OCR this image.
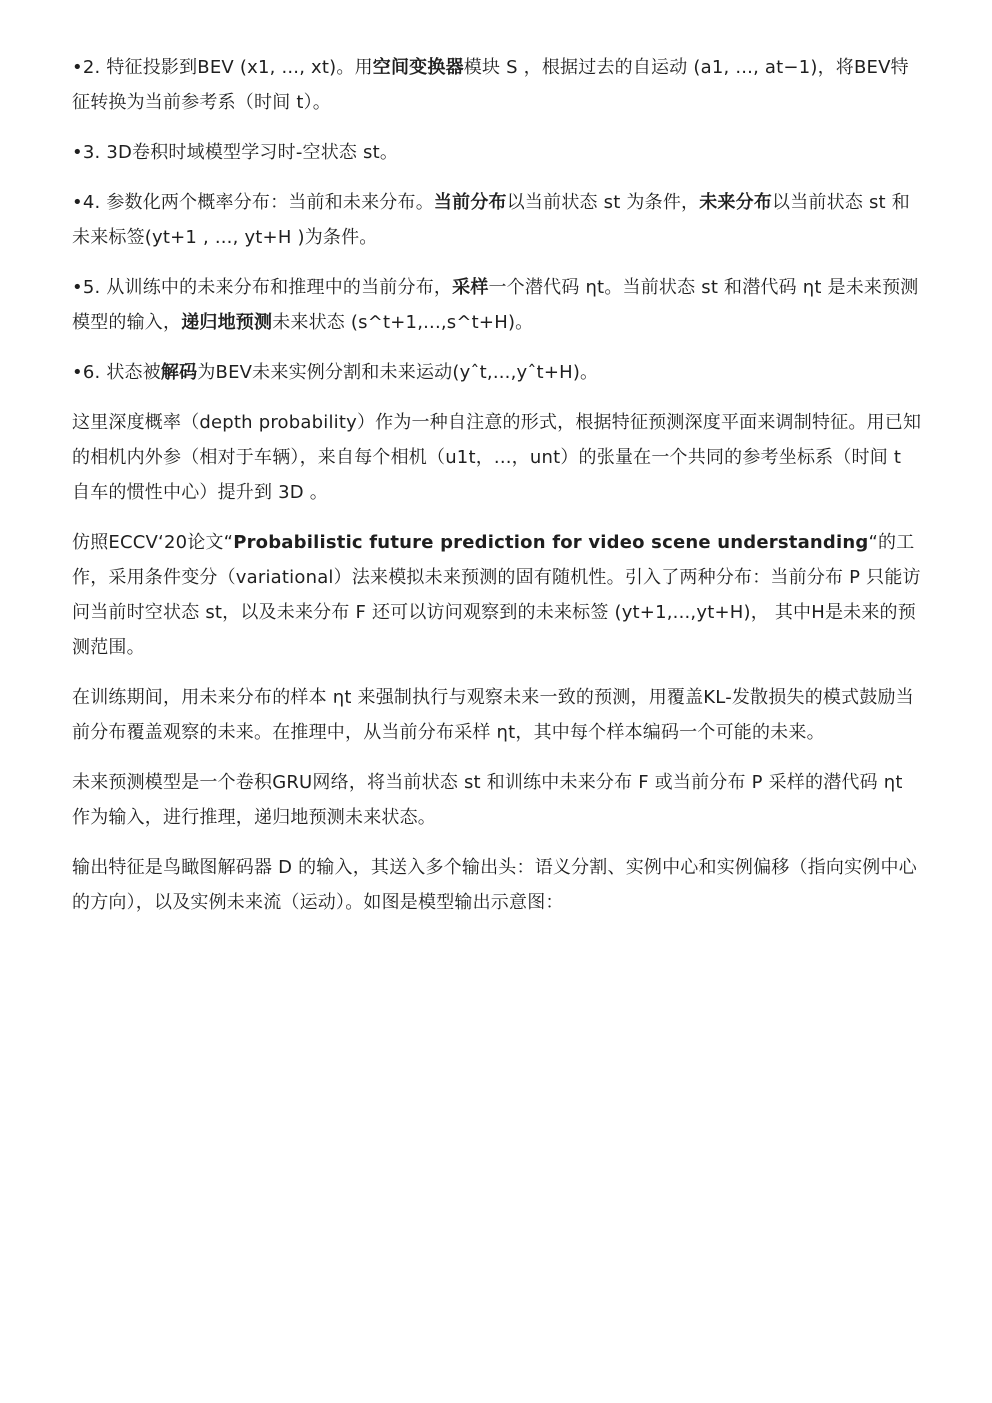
•2. 特征投影到BEV (x1, ..., xt)。用空间变换器模块 S ，根据过去的自运动 (a1, ..., at−1)，将BEV特征转换为当前参考系（时间 t）。

•3. 3D卷积时域模型学习时-空状态 st。

•4. 参数化两个概率分布：当前和未来分布。当前分布以当前状态 st 为条件，未来分布以当前状态 st 和未来标签(yt+1 , ..., yt+H )为条件。

•5. 从训练中的未来分布和推理中的当前分布，采样一个潜代码 ηt。当前状态 st 和潜代码 ηt 是未来预测模型的输入，递归地预测未来状态 (s^t+1,...,s^t+H)。

•6. 状态被解码为BEV未来实例分割和未来运动(yˆt,...,yˆt+H)。

这里深度概率（depth probability）作为一种自注意的形式，根据特征预测深度平面来调制特征。用已知的相机内外参（相对于车辆），来自每个相机（u1t，...，unt）的张量在一个共同的参考坐标系（时间 t 自车的惯性中心）提升到 3D 。

仿照ECCV‘20论文“Probabilistic future prediction for video scene understanding“的工作，采用条件变分（variational）法来模拟未来预测的固有随机性。引入了两种分布：当前分布 P 只能访问当前时空状态 st，以及未来分布 F 还可以访问观察到的未来标签 (yt+1,...,yt+H)， 其中H是未来的预测范围。

在训练期间，用未来分布的样本 ηt 来强制执行与观察未来一致的预测，用覆盖KL-发散损失的模式鼓励当前分布覆盖观察的未来。在推理中，从当前分布采样 ηt，其中每个样本编码一个可能的未来。

未来预测模型是一个卷积GRU网络，将当前状态 st 和训练中未来分布 F 或当前分布 P 采样的潜代码 ηt 作为输入，进行推理，递归地预测未来状态。

输出特征是鸟瞰图解码器 D 的输入，其送入多个输出头：语义分割、实例中心和实例偏移（指向实例中心的方向），以及实例未来流（运动）。如图是模型输出示意图：
